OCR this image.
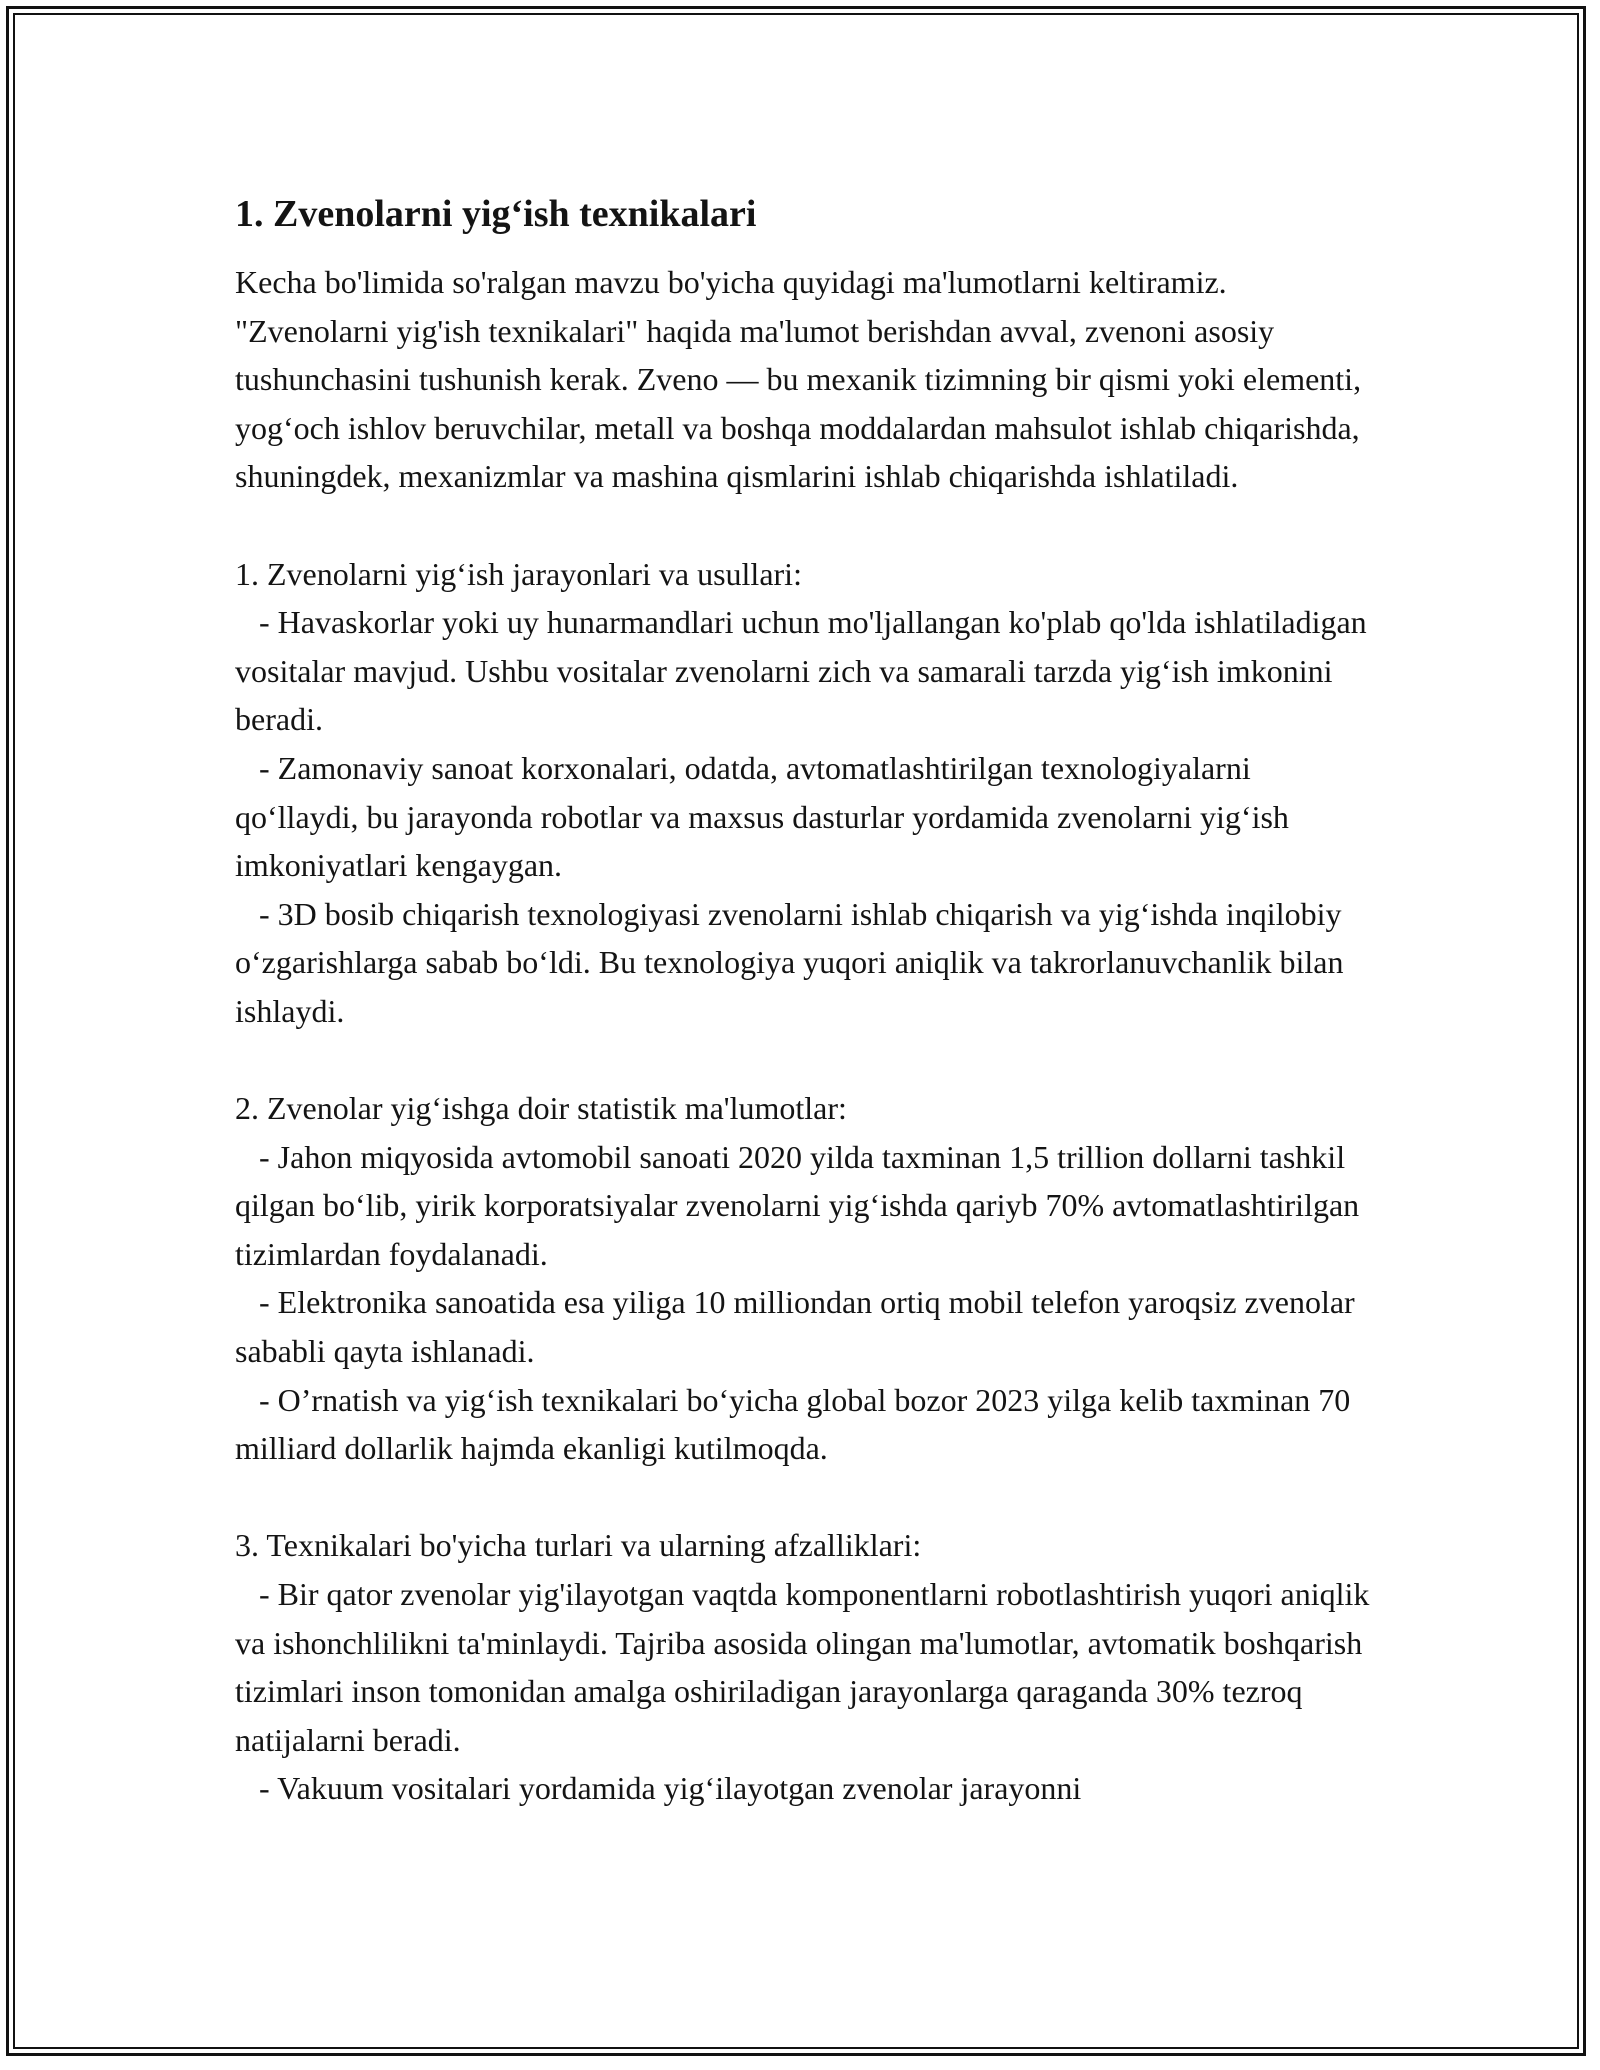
1. Zvenolarni yig‘ish texnikalari

Kecha bo'limida so'ralgan mavzu bo'yicha quyidagi ma'lumotlarni keltiramiz. "Zvenolarni yig'ish texnikalari" haqida ma'lumot berishdan avval, zvenoni asosiy tushunchasini tushunish kerak. Zveno — bu mexanik tizimning bir qismi yoki elementi, yog‘och ishlov beruvchilar, metall va boshqa moddalardan mahsulot ishlab chiqarishda, shuningdek, mexanizmlar va mashina qismlarini ishlab chiqarishda ishlatiladi.

1. Zvenolarni yig‘ish jarayonlari va usullari:

- Havaskorlar yoki uy hunarmandlari uchun mo'ljallangan ko'plab qo'lda ishlatiladigan vositalar mavjud. Ushbu vositalar zvenolarni zich va samarali tarzda yig‘ish imkonini beradi.

- Zamonaviy sanoat korxonalari, odatda, avtomatlashtirilgan texnologiyalarni qo‘llaydi, bu jarayonda robotlar va maxsus dasturlar yordamida zvenolarni yig‘ish imkoniyatlari kengaygan.

- 3D bosib chiqarish texnologiyasi zvenolarni ishlab chiqarish va yig‘ishda inqilobiy o‘zgarishlarga sabab bo‘ldi. Bu texnologiya yuqori aniqlik va takrorlanuvchanlik bilan ishlaydi.

2. Zvenolar yig‘ishga doir statistik ma'lumotlar:

- Jahon miqyosida avtomobil sanoati 2020 yilda taxminan 1,5 trillion dollarni tashkil qilgan bo‘lib, yirik korporatsiyalar zvenolarni yig‘ishda qariyb 70% avtomatlashtirilgan tizimlardan foydalanadi.

- Elektronika sanoatida esa yiliga 10 milliondan ortiq mobil telefon yaroqsiz zvenolar sababli qayta ishlanadi.

- O’rnatish va yig‘ish texnikalari bo‘yicha global bozor 2023 yilga kelib taxminan 70 milliard dollarlik hajmda ekanligi kutilmoqda.

3. Texnikalari bo'yicha turlari va ularning afzalliklari:

- Bir qator zvenolar yig'ilayotgan vaqtda komponentlarni robotlashtirish yuqori aniqlik va ishonchlilikni ta'minlaydi. Tajriba asosida olingan ma'lumotlar, avtomatik boshqarish tizimlari inson tomonidan amalga oshiriladigan jarayonlarga qaraganda 30% tezroq natijalarni beradi.

- Vakuum vositalari yordamida yig‘ilayotgan zvenolar jarayonni
